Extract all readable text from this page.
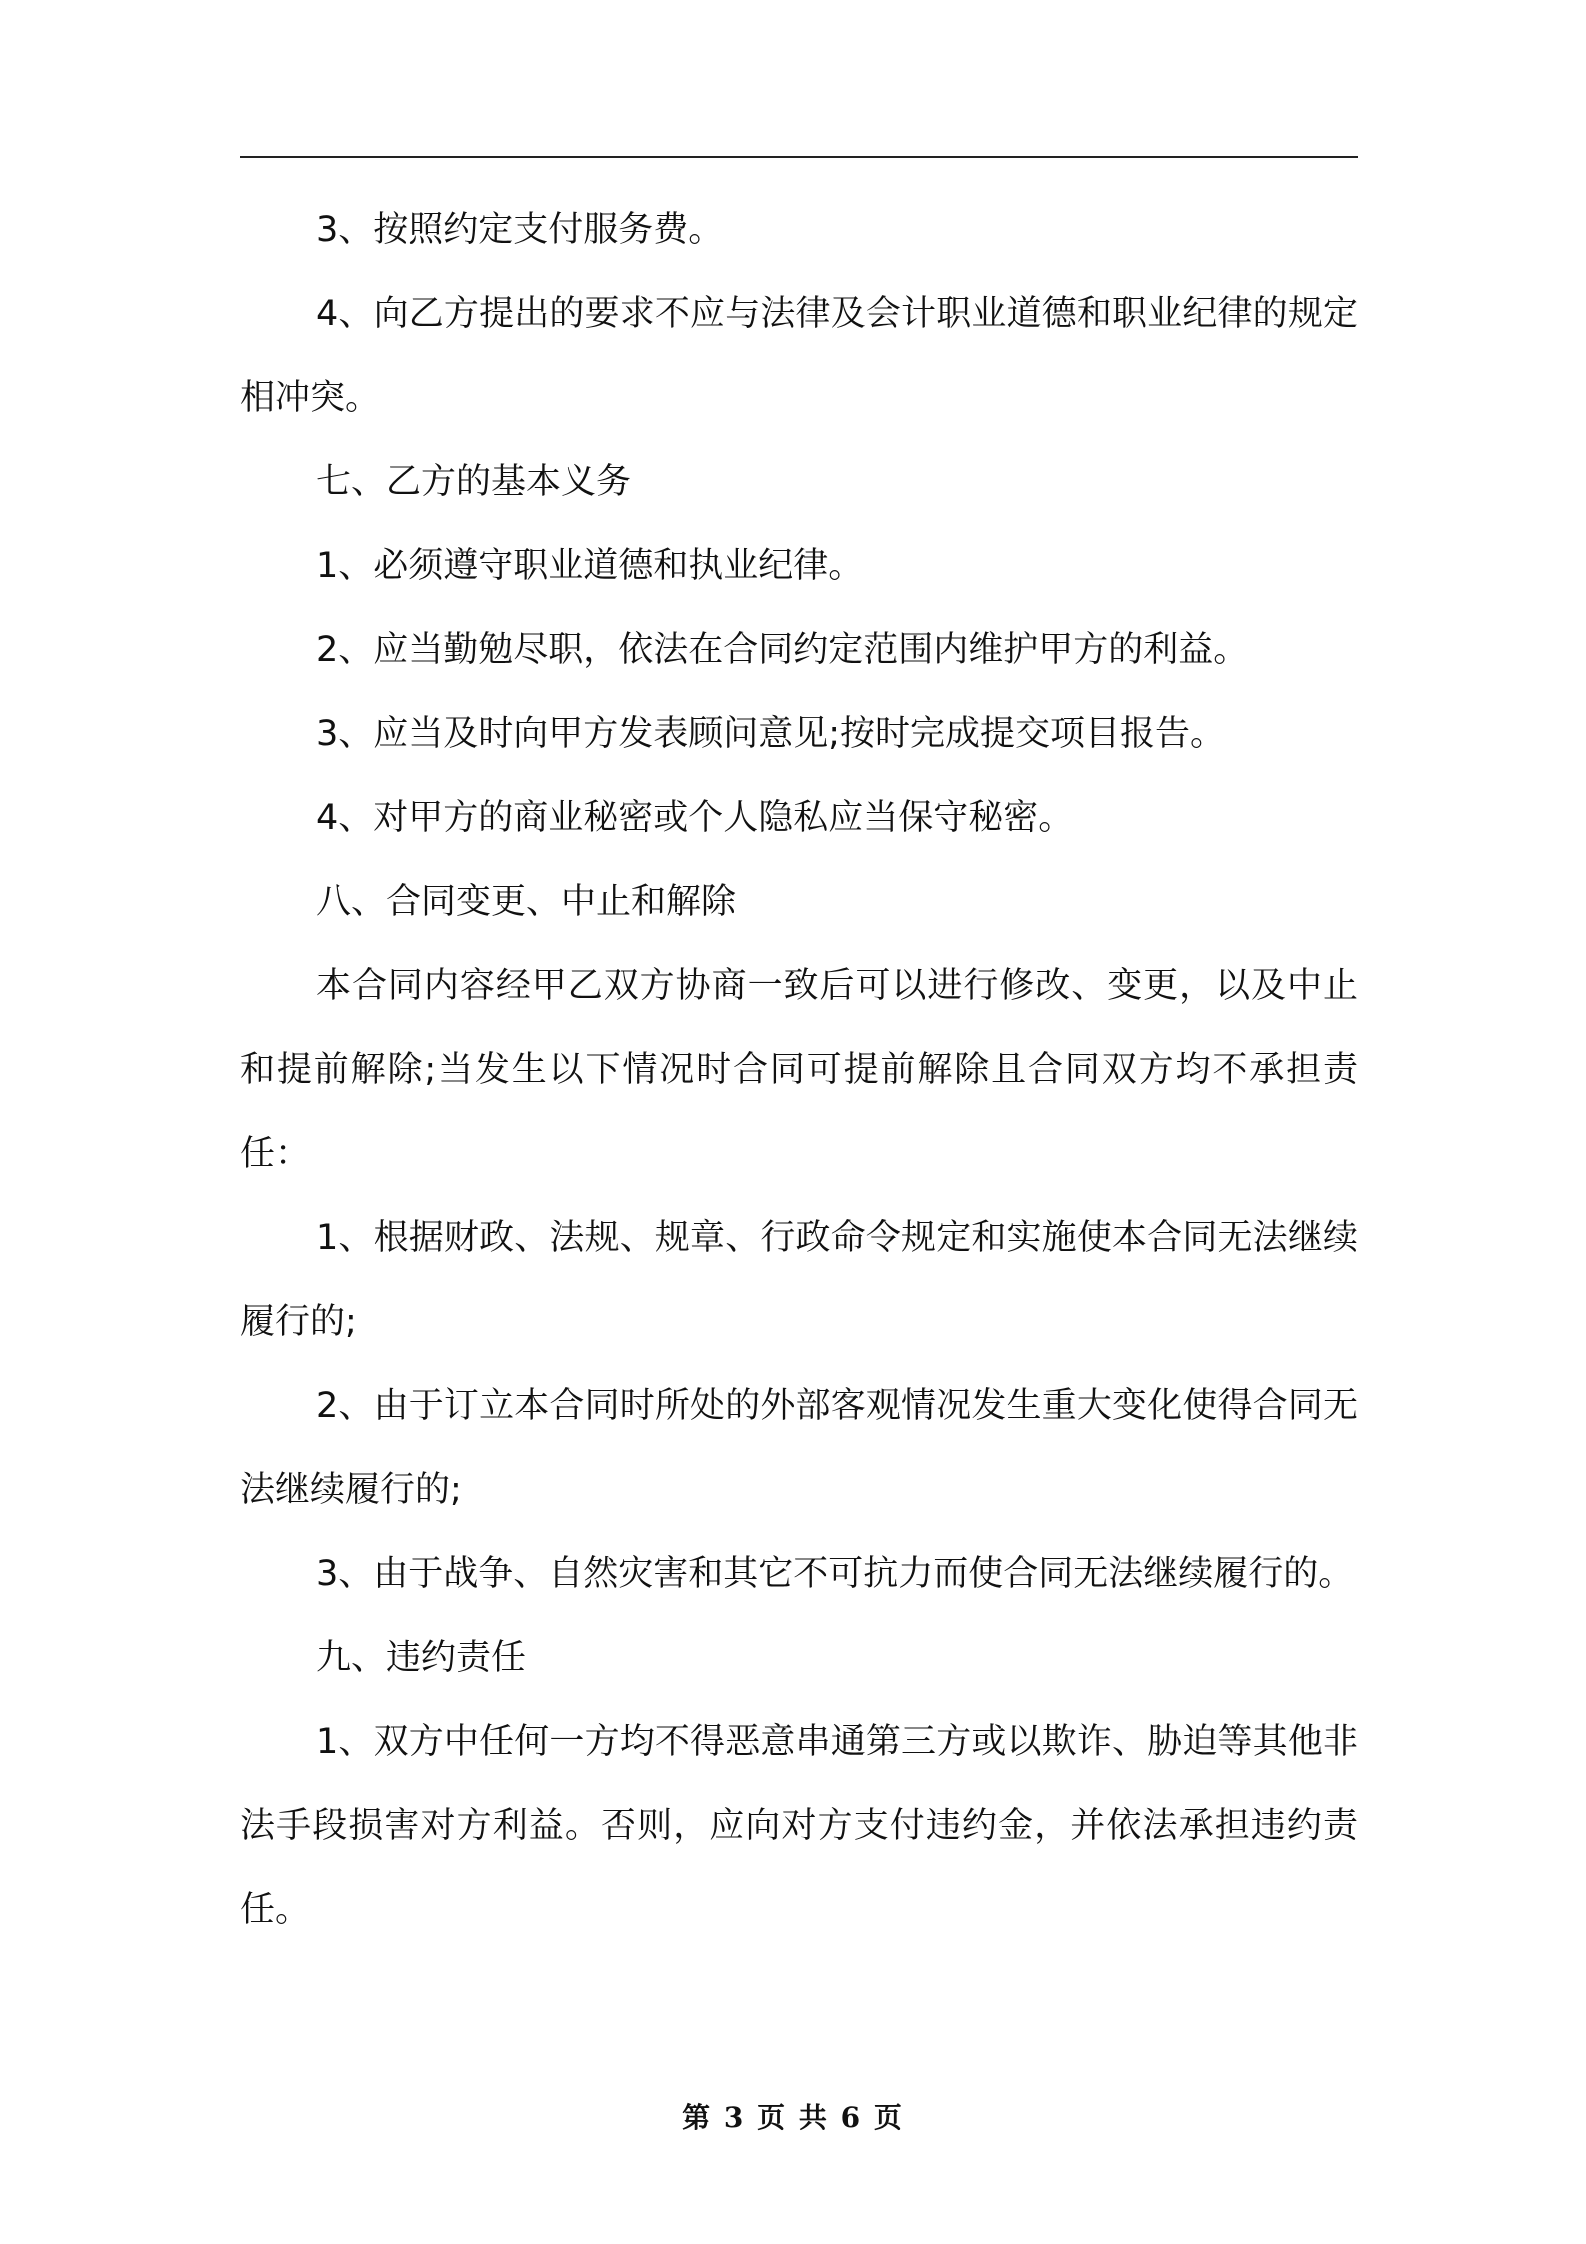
3、按照约定支付服务费。

4、向乙方提出的要求不应与法律及会计职业道德和职业纪律的规定相冲突。

七、乙方的基本义务

1、必须遵守职业道德和执业纪律。

2、应当勤勉尽职，依法在合同约定范围内维护甲方的利益。

3、应当及时向甲方发表顾问意见;按时完成提交项目报告。

4、对甲方的商业秘密或个人隐私应当保守秘密。

八、合同变更、中止和解除

本合同内容经甲乙双方协商一致后可以进行修改、变更，以及中止和提前解除;当发生以下情况时合同可提前解除且合同双方均不承担责任：

1、根据财政、法规、规章、行政命令规定和实施使本合同无法继续履行的;

2、由于订立本合同时所处的外部客观情况发生重大变化使得合同无法继续履行的;

3、由于战争、自然灾害和其它不可抗力而使合同无法继续履行的。

九、违约责任

1、双方中任何一方均不得恶意串通第三方或以欺诈、胁迫等其他非法手段损害对方利益。否则，应向对方支付违约金，并依法承担违约责任。

第 3 页 共 6 页
